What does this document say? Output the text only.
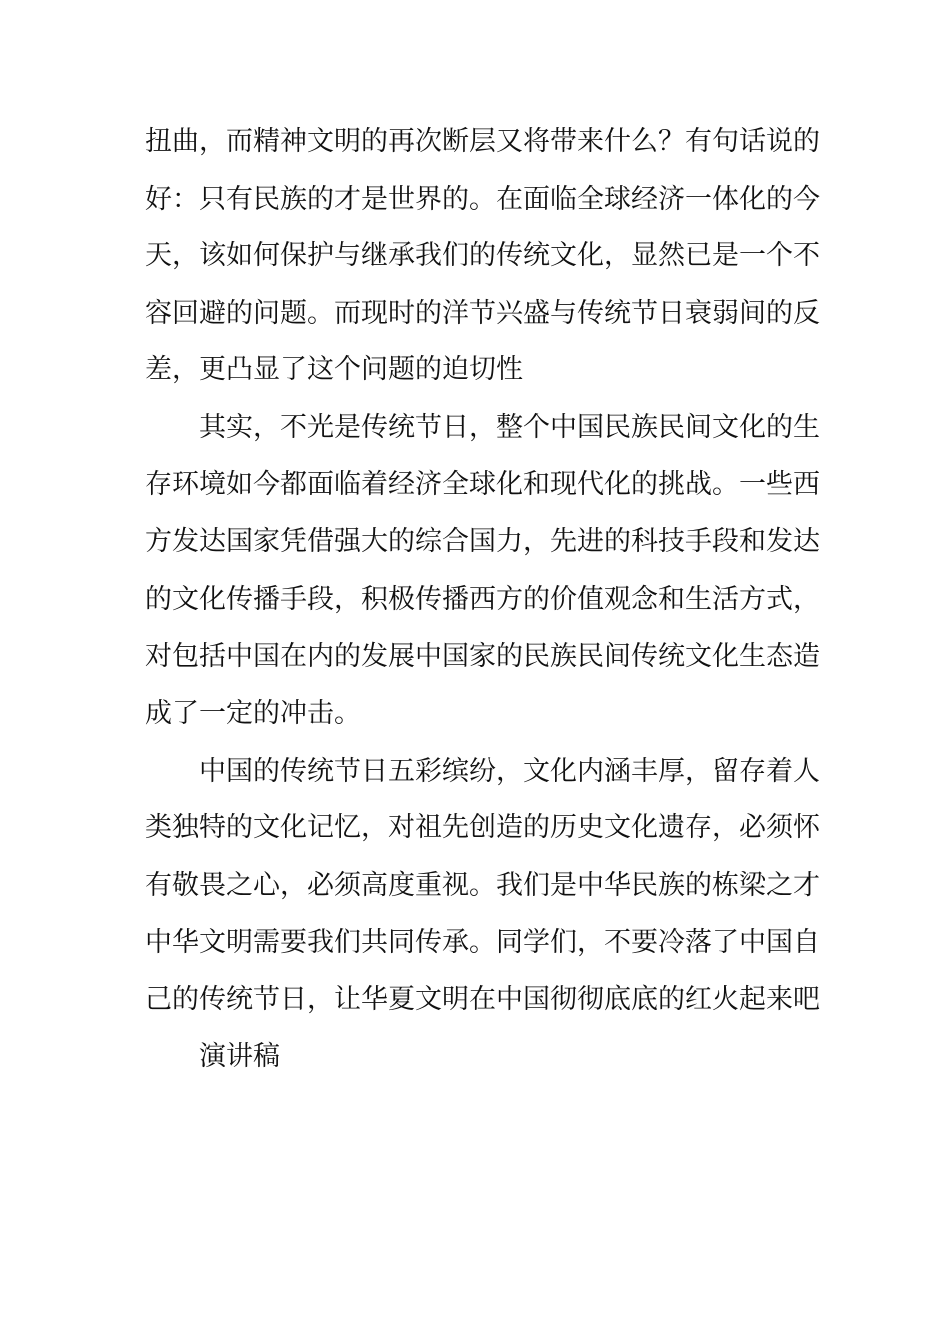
扭曲，而精神文明的再次断层又将带来什么？有句话说的
好：只有民族的才是世界的。在面临全球经济一体化的今
天，该如何保护与继承我们的传统文化，显然已是一个不
容回避的问题。而现时的洋节兴盛与传统节日衰弱间的反
差，更凸显了这个问题的迫切性
其实，不光是传统节日，整个中国民族民间文化的生
存环境如今都面临着经济全球化和现代化的挑战。一些西
方发达国家凭借强大的综合国力，先进的科技手段和发达
的文化传播手段，积极传播西方的价值观念和生活方式，
对包括中国在内的发展中国家的民族民间传统文化生态造
成了一定的冲击。
中国的传统节日五彩缤纷，文化内涵丰厚，留存着人
类独特的文化记忆，对祖先创造的历史文化遗存，必须怀
有敬畏之心，必须高度重视。我们是中华民族的栋梁之才
中华文明需要我们共同传承。同学们，不要冷落了中国自
己的传统节日，让华夏文明在中国彻彻底底的红火起来吧
演讲稿
